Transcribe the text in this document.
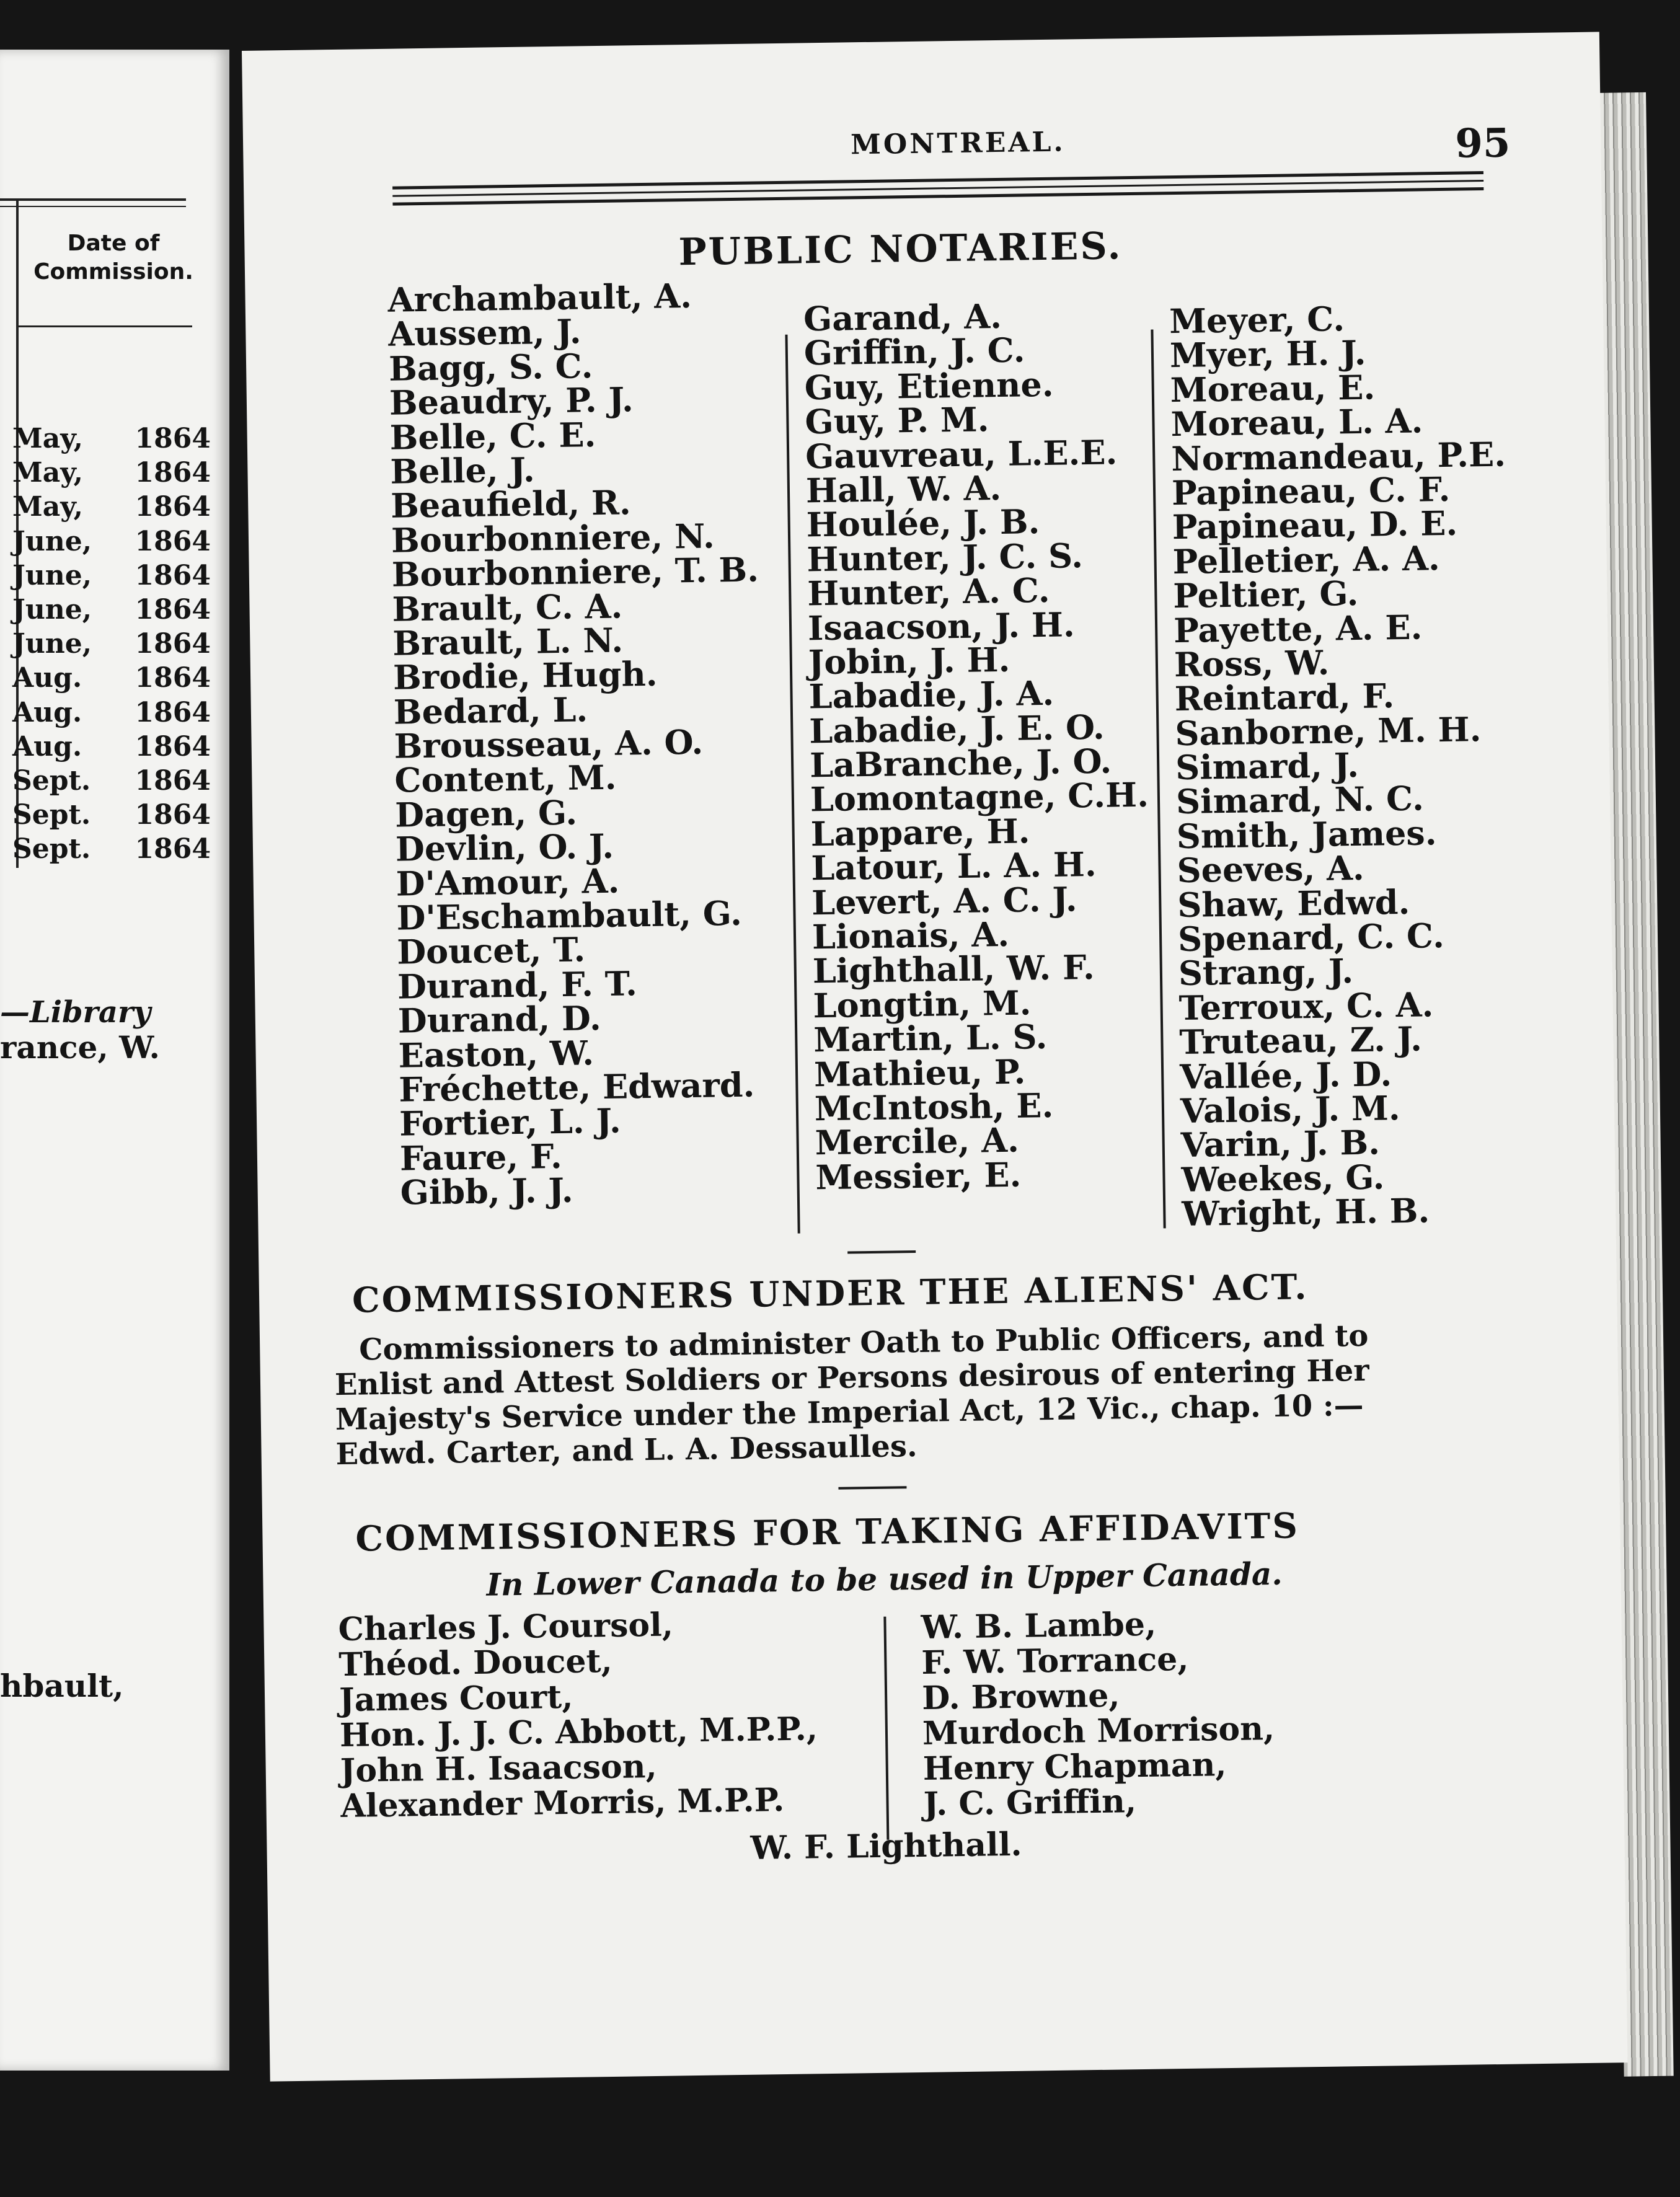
Date of
Commission.
May, 1864
May, 1864
May, 1864
June, 1864
June, 1864
June, 1864
June, 1864
Aug. 1864
Aug. 1864
Aug. 1864
Sept. 1864
Sept. 1864
Sept. 1864
—Library
rance, W.
hbault,
MONTREAL.	95
PUBLIC NOTARIES.
Archambault, A.
Aussem, J.
Bagg, S. C.
Beaudry, P. J.
Belle, C. E.
Belle, J.
Beaufield, R.
Bourbonniere, N.
Bourbonniere, T. B.
Brault, C. A.
Brault, L. N.
Brodie, Hugh.
Bedard, L.
Brousseau, A. O.
Content, M.
Dagen, G.
Devlin, O. J.
D'Amour, A.
D'Eschambault, G.
Doucet, T.
Durand, F. T.
Durand, D.
Easton, W.
Fréchette, Edward.
Fortier, L. J.
Faure, F.
Gibb, J. J.
Garand, A.
Griffin, J. C.
Guy, Etienne.
Guy, P. M.
Gauvreau, L.E.E.
Hall, W. A.
Houlée, J. B.
Hunter, J. C. S.
Hunter, A. C.
Isaacson, J. H.
Jobin, J. H.
Labadie, J. A.
Labadie, J. E. O.
LaBranche, J. O.
Lomontagne, C.H.
Lappare, H.
Latour, L. A. H.
Levert, A. C. J.
Lionais, A.
Lighthall, W. F.
Longtin, M.
Martin, L. S.
Mathieu, P.
McIntosh, E.
Mercile, A.
Messier, E.
Meyer, C.
Myer, H. J.
Moreau, E.
Moreau, L. A.
Normandeau, P.E.
Papineau, C. F.
Papineau, D. E.
Pelletier, A. A.
Peltier, G.
Payette, A. E.
Ross, W.
Reintard, F.
Sanborne, M. H.
Simard, J.
Simard, N. C.
Smith, James.
Seeves, A.
Shaw, Edwd.
Spenard, C. C.
Strang, J.
Terroux, C. A.
Truteau, Z. J.
Vallée, J. D.
Valois, J. M.
Varin, J. B.
Weekes, G.
Wright, H. B.
COMMISSIONERS UNDER THE ALIENS' ACT.
Commissioners to administer Oath to Public Officers, and to
Enlist and Attest Soldiers or Persons desirous of entering Her
Majesty's Service under the Imperial Act, 12 Vic., chap. 10 :—
Edwd. Carter, and L. A. Dessaulles.
COMMISSIONERS FOR TAKING AFFIDAVITS
In Lower Canada to be used in Upper Canada.
Charles J. Coursol,
Théod. Doucet,
James Court,
Hon. J. J. C. Abbott, M.P.P.,
John H. Isaacson,
Alexander Morris, M.P.P.
W. B. Lambe,
F. W. Torrance,
D. Browne,
Murdoch Morrison,
Henry Chapman,
J. C. Griffin,
W. F. Lighthall.
